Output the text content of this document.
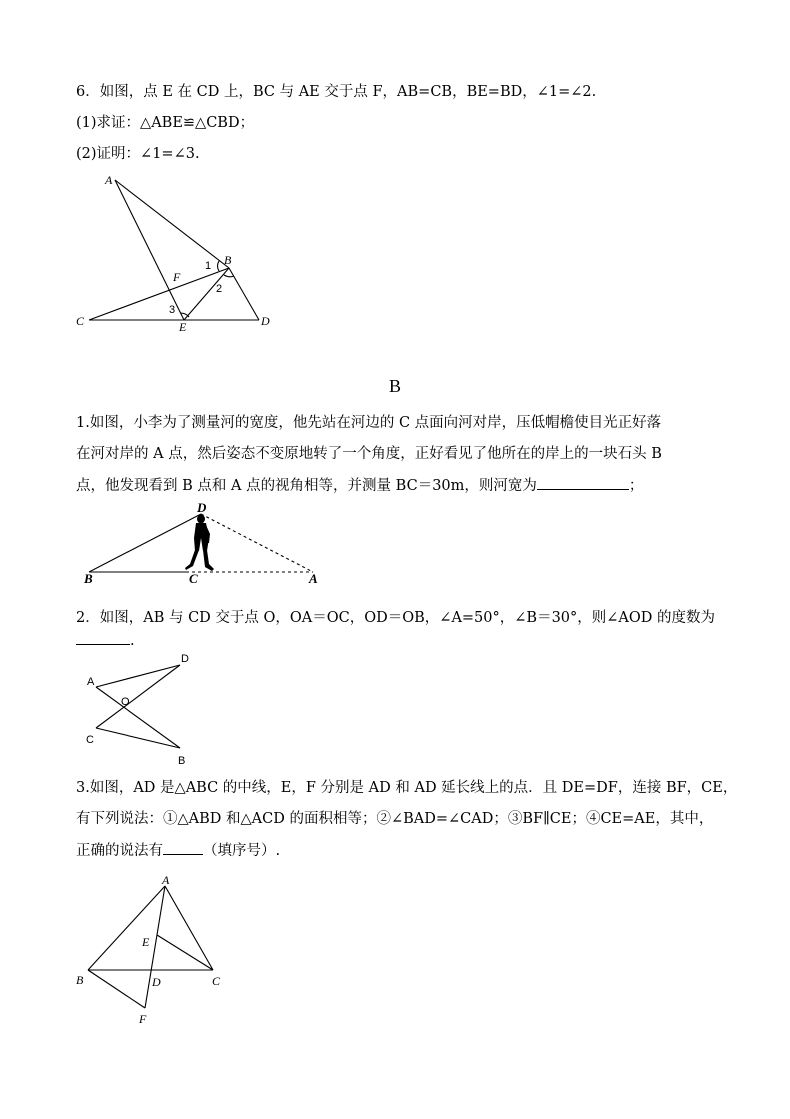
6．如图，点 E 在 CD 上，BC 与 AE 交于点 F，AB=CB，BE=BD，∠1=∠2.
(1)求证：△ABE≌△CBD；
(2)证明：∠1=∠3.
A
B
C	D
E
F
1
2
3
B
1.如图，小李为了测量河的宽度，他先站在河边的 C 点面向河对岸，压低帽檐使目光正好落
在河对岸的 A 点，然后姿态不变原地转了一个角度，正好看见了他所在的岸上的一块石头 B
点，他发现看到 B 点和 A 点的视角相等，并测量 BC＝30m，则河宽为	；
D
B	C	A
2．如图，AB 与 CD 交于点 O，OA＝OC，OD＝OB，∠A=50°，∠B＝30°，则∠AOD 的度数为
.
A
D
O
C
B
3.如图，AD 是△ABC 的中线，E，F 分别是 AD 和 AD 延长线上的点．且 DE=DF，连接 BF，CE，
有下列说法：①△ABD 和△ACD 的面积相等；②∠BAD=∠CAD；③BF∥CE；④CE=AE，其中，
正确的说法有	（填序号）.
A
E
B	D	C
F
